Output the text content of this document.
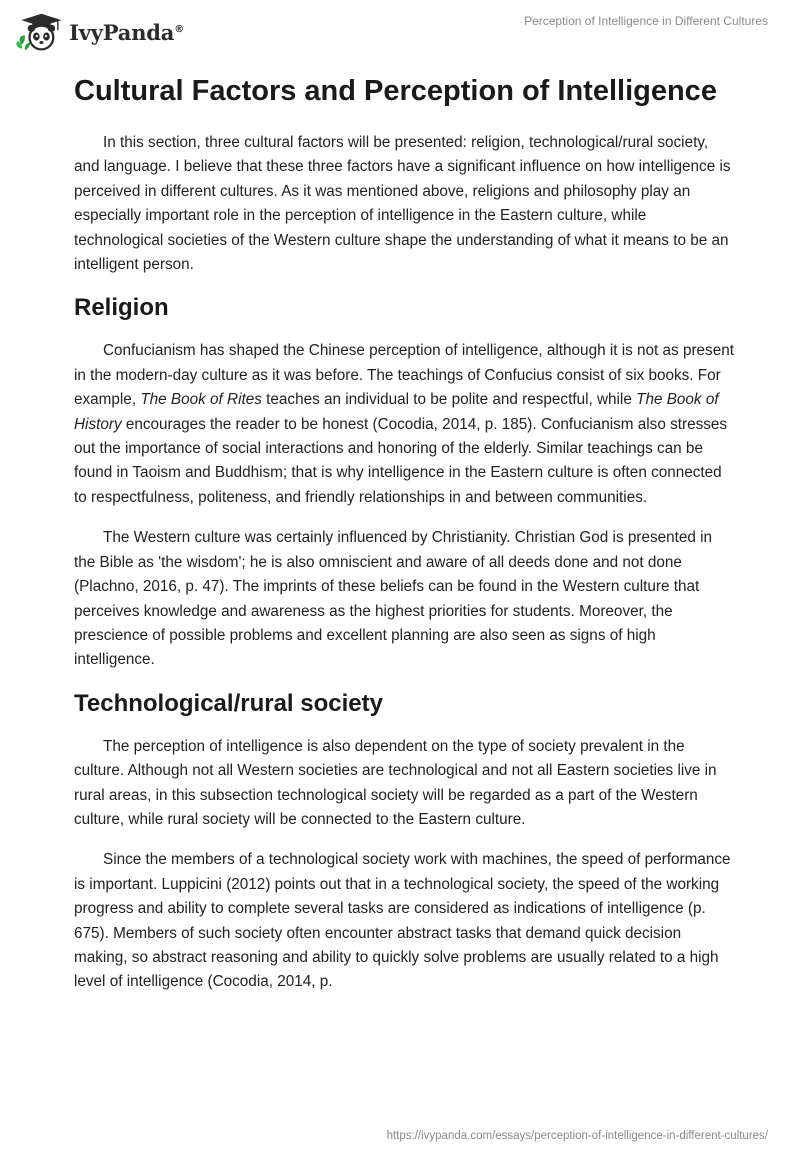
IvyPanda®
Perception of Intelligence in Different Cultures
Cultural Factors and Perception of Intelligence

In this section, three cultural factors will be presented: religion, technological/rural society, and language. I believe that these three factors have a significant influence on how intelligence is perceived in different cultures. As it was mentioned above, religions and philosophy play an especially important role in the perception of intelligence in the Eastern culture, while technological societies of the Western culture shape the understanding of what it means to be an intelligent person.

Religion

Confucianism has shaped the Chinese perception of intelligence, although it is not as present in the modern-day culture as it was before. The teachings of Confucius consist of six books. For example, The Book of Rites teaches an individual to be polite and respectful, while The Book of History encourages the reader to be honest (Cocodia, 2014, p. 185). Confucianism also stresses out the importance of social interactions and honoring of the elderly. Similar teachings can be found in Taoism and Buddhism; that is why intelligence in the Eastern culture is often connected to respectfulness, politeness, and friendly relationships in and between communities.

The Western culture was certainly influenced by Christianity. Christian God is presented in the Bible as 'the wisdom'; he is also omniscient and aware of all deeds done and not done (Plachno, 2016, p. 47). The imprints of these beliefs can be found in the Western culture that perceives knowledge and awareness as the highest priorities for students. Moreover, the prescience of possible problems and excellent planning are also seen as signs of high intelligence.

Technological/rural society

The perception of intelligence is also dependent on the type of society prevalent in the culture. Although not all Western societies are technological and not all Eastern societies live in rural areas, in this subsection technological society will be regarded as a part of the Western culture, while rural society will be connected to the Eastern culture.

Since the members of a technological society work with machines, the speed of performance is important. Luppicini (2012) points out that in a technological society, the speed of the working progress and ability to complete several tasks are considered as indications of intelligence (p. 675). Members of such society often encounter abstract tasks that demand quick decision making, so abstract reasoning and ability to quickly solve problems are usually related to a high level of intelligence (Cocodia, 2014, p.

https://ivypanda.com/essays/perception-of-intelligence-in-different-cultures/
